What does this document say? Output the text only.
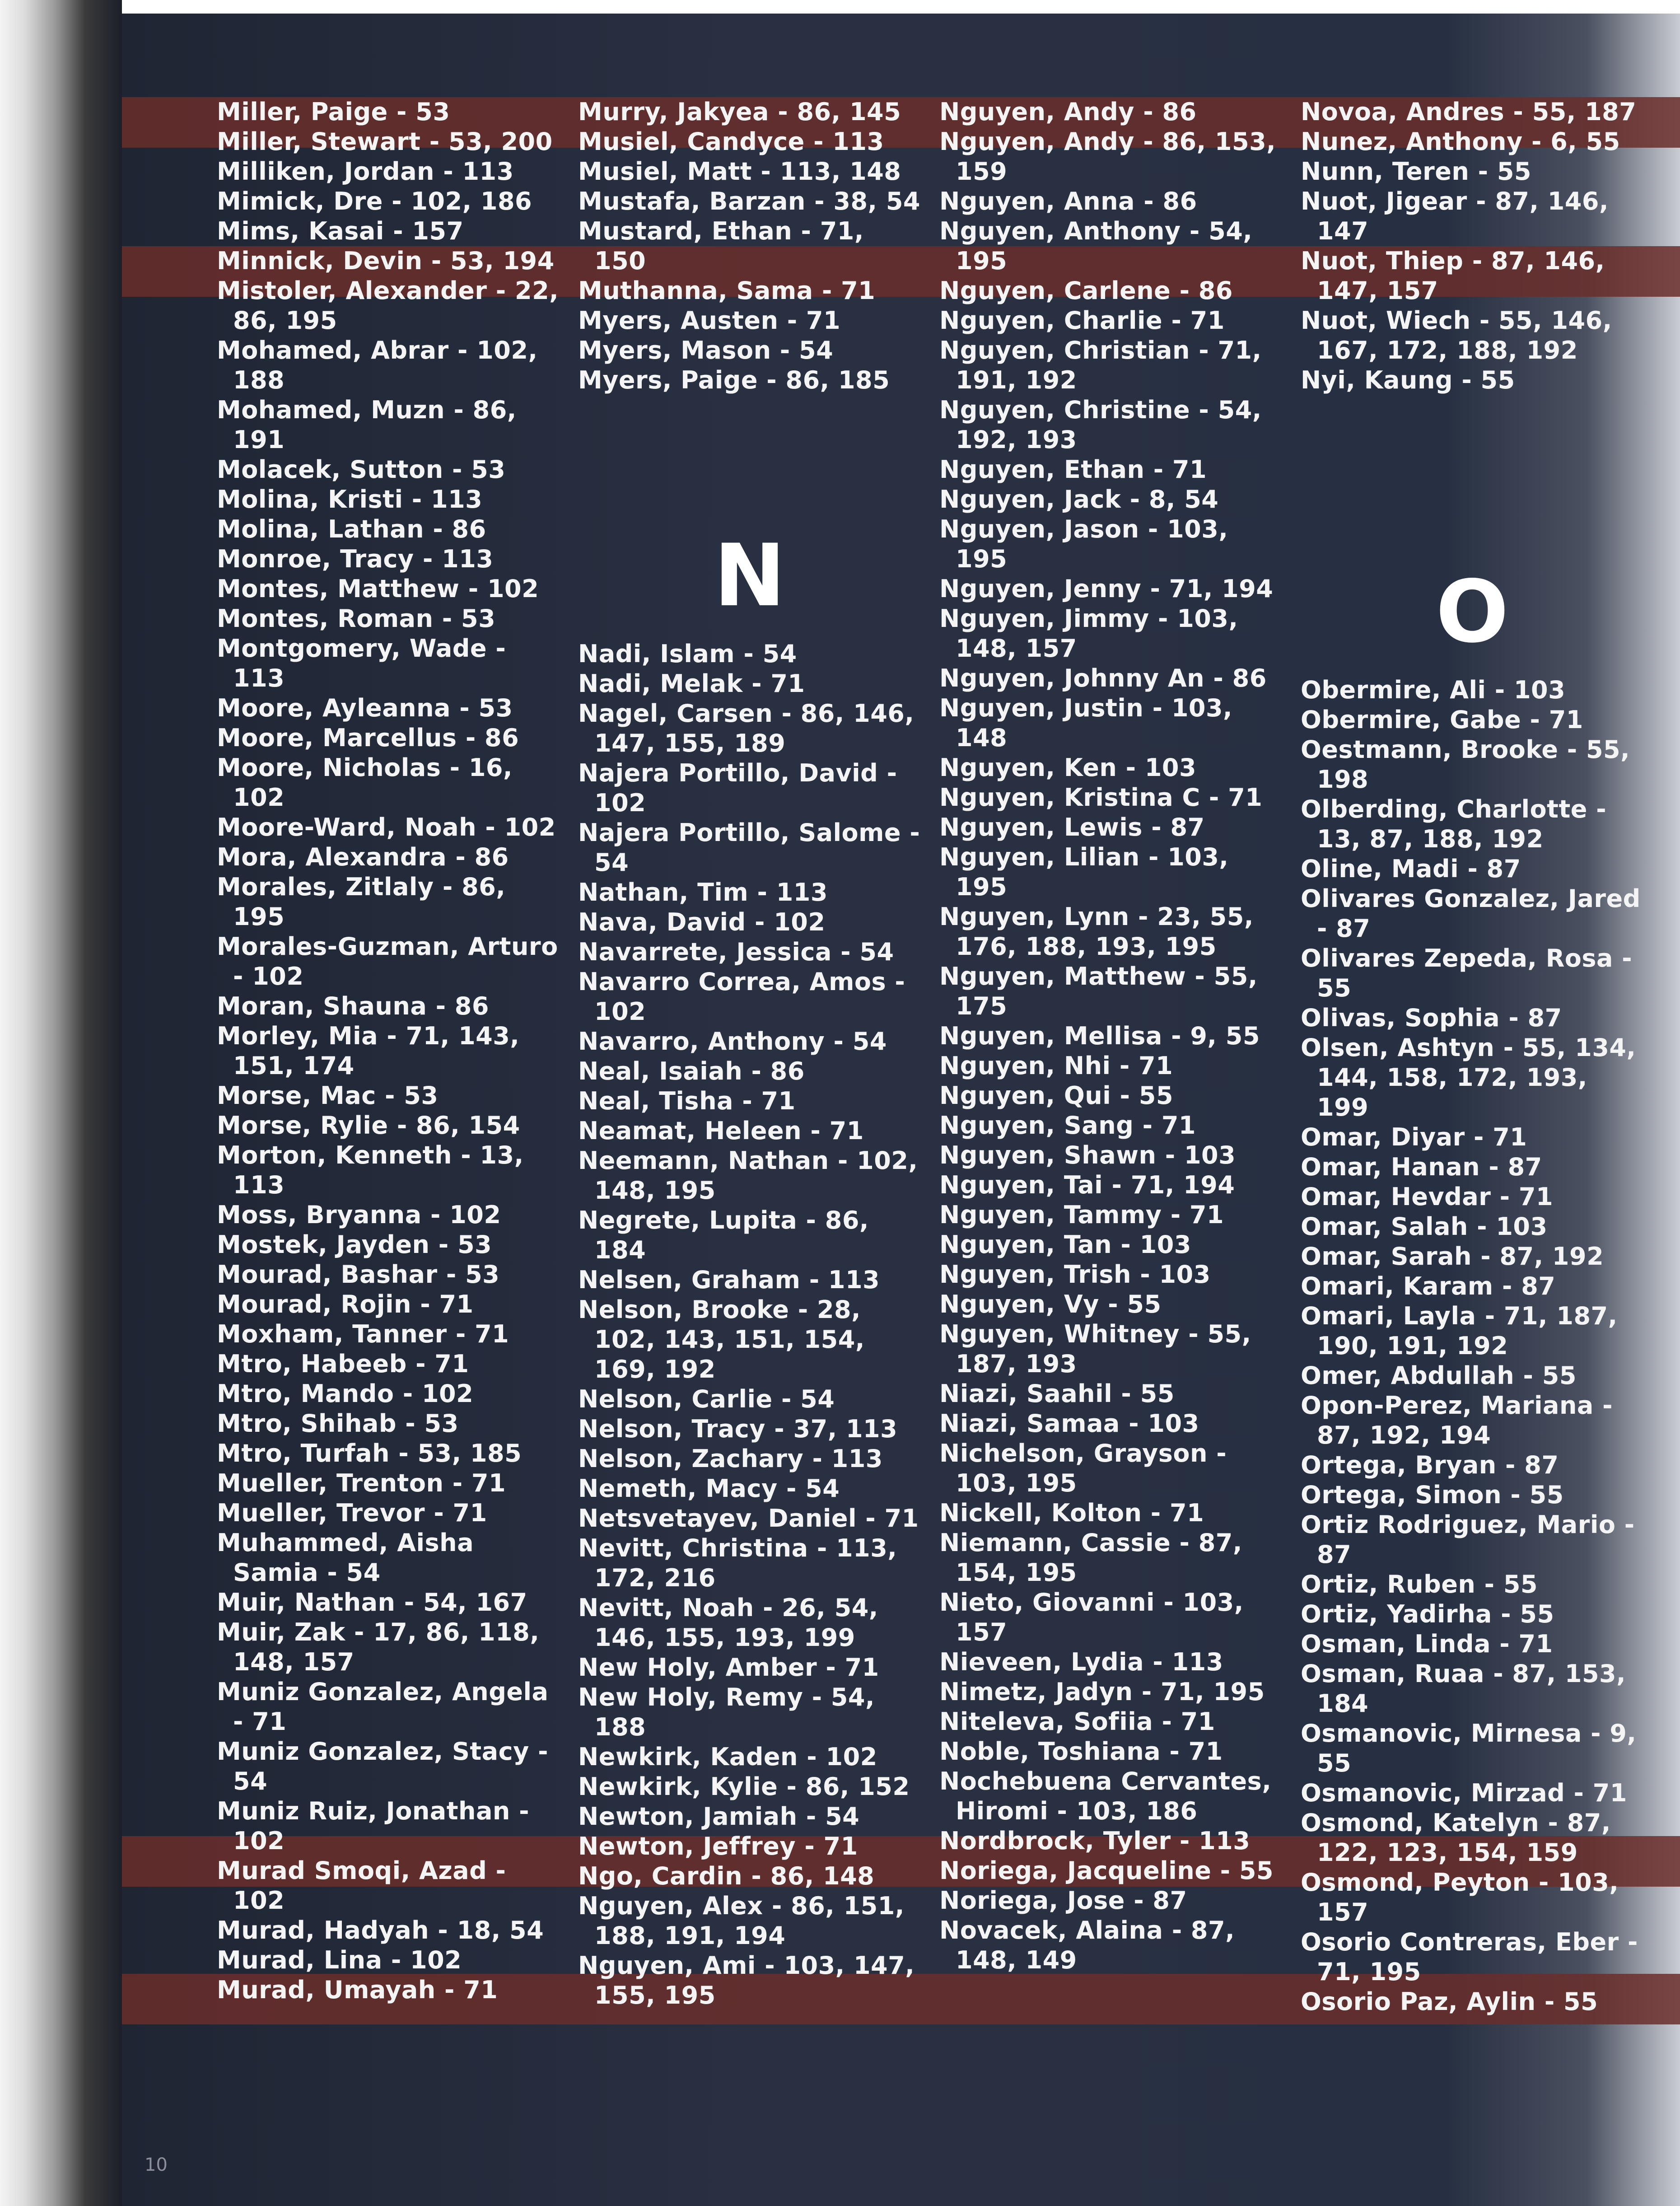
Miller, Paige - 53
Miller, Stewart - 53, 200
Milliken, Jordan - 113
Mimick, Dre - 102, 186
Mims, Kasai - 157
Minnick, Devin - 53, 194
Mistoler, Alexander - 22, 86, 195
Mohamed, Abrar - 102, 188
Mohamed, Muzn - 86, 191
Molacek, Sutton - 53
Molina, Kristi - 113
Molina, Lathan - 86
Monroe, Tracy - 113
Montes, Matthew - 102
Montes, Roman - 53
Montgomery, Wade - 113
Moore, Ayleanna - 53
Moore, Marcellus - 86
Moore, Nicholas - 16, 102
Moore-Ward, Noah - 102
Mora, Alexandra - 86
Morales, Zitlaly - 86, 195
Morales-Guzman, Arturo - 102
Moran, Shauna - 86
Morley, Mia - 71, 143, 151, 174
Morse, Mac - 53
Morse, Rylie - 86, 154
Morton, Kenneth - 13, 113
Moss, Bryanna - 102
Mostek, Jayden - 53
Mourad, Bashar - 53
Mourad, Rojin - 71
Moxham, Tanner - 71
Mtro, Habeeb - 71
Mtro, Mando - 102
Mtro, Shihab - 53
Mtro, Turfah - 53, 185
Mueller, Trenton - 71
Mueller, Trevor - 71
Muhammed, Aisha Samia - 54
Muir, Nathan - 54, 167
Muir, Zak - 17, 86, 118, 148, 157
Muniz Gonzalez, Angela - 71
Muniz Gonzalez, Stacy - 54
Muniz Ruiz, Jonathan - 102
Murad Smoqi, Azad - 102
Murad, Hadyah - 18, 54
Murad, Lina - 102
Murad, Umayah - 71
Murry, Jakyea - 86, 145
Musiel, Candyce - 113
Musiel, Matt - 113, 148
Mustafa, Barzan - 38, 54
Mustard, Ethan - 71, 150
Muthanna, Sama - 71
Myers, Austen - 71
Myers, Mason - 54
Myers, Paige - 86, 185
N
Nadi, Islam - 54
Nadi, Melak - 71
Nagel, Carsen - 86, 146, 147, 155, 189
Najera Portillo, David - 102
Najera Portillo, Salome - 54
Nathan, Tim - 113
Nava, David - 102
Navarrete, Jessica - 54
Navarro Correa, Amos - 102
Navarro, Anthony - 54
Neal, Isaiah - 86
Neal, Tisha - 71
Neamat, Heleen - 71
Neemann, Nathan - 102, 148, 195
Negrete, Lupita - 86, 184
Nelsen, Graham - 113
Nelson, Brooke - 28, 102, 143, 151, 154, 169, 192
Nelson, Carlie - 54
Nelson, Tracy - 37, 113
Nelson, Zachary - 113
Nemeth, Macy - 54
Netsvetayev, Daniel - 71
Nevitt, Christina - 113, 172, 216
Nevitt, Noah - 26, 54, 146, 155, 193, 199
New Holy, Amber - 71
New Holy, Remy - 54, 188
Newkirk, Kaden - 102
Newkirk, Kylie - 86, 152
Newton, Jamiah - 54
Newton, Jeffrey - 71
Ngo, Cardin - 86, 148
Nguyen, Alex - 86, 151, 188, 191, 194
Nguyen, Ami - 103, 147, 155, 195
Nguyen, Andy - 86
Nguyen, Andy - 86, 153, 159
Nguyen, Anna - 86
Nguyen, Anthony - 54, 195
Nguyen, Carlene - 86
Nguyen, Charlie - 71
Nguyen, Christian - 71, 191, 192
Nguyen, Christine - 54, 192, 193
Nguyen, Ethan - 71
Nguyen, Jack - 8, 54
Nguyen, Jason - 103, 195
Nguyen, Jenny - 71, 194
Nguyen, Jimmy - 103, 148, 157
Nguyen, Johnny An - 86
Nguyen, Justin - 103, 148
Nguyen, Ken - 103
Nguyen, Kristina C - 71
Nguyen, Lewis - 87
Nguyen, Lilian - 103, 195
Nguyen, Lynn - 23, 55, 176, 188, 193, 195
Nguyen, Matthew - 55, 175
Nguyen, Mellisa - 9, 55
Nguyen, Nhi - 71
Nguyen, Qui - 55
Nguyen, Sang - 71
Nguyen, Shawn - 103
Nguyen, Tai - 71, 194
Nguyen, Tammy - 71
Nguyen, Tan - 103
Nguyen, Trish - 103
Nguyen, Vy - 55
Nguyen, Whitney - 55, 187, 193
Niazi, Saahil - 55
Niazi, Samaa - 103
Nichelson, Grayson - 103, 195
Nickell, Kolton - 71
Niemann, Cassie - 87, 154, 195
Nieto, Giovanni - 103, 157
Nieveen, Lydia - 113
Nimetz, Jadyn - 71, 195
Niteleva, Sofiia - 71
Noble, Toshiana - 71
Nochebuena Cervantes, Hiromi - 103, 186
Nordbrock, Tyler - 113
Noriega, Jacqueline - 55
Noriega, Jose - 87
Novacek, Alaina - 87, 148, 149
Novoa, Andres - 55, 187
Nunez, Anthony - 6, 55
Nunn, Teren - 55
Nuot, Jigear - 87, 146, 147
Nuot, Thiep - 87, 146, 147, 157
Nuot, Wiech - 55, 146, 167, 172, 188, 192
Nyi, Kaung - 55
O
Obermire, Ali - 103
Obermire, Gabe - 71
Oestmann, Brooke - 55, 198
Olberding, Charlotte - 13, 87, 188, 192
Oline, Madi - 87
Olivares Gonzalez, Jared - 87
Olivares Zepeda, Rosa - 55
Olivas, Sophia - 87
Olsen, Ashtyn - 55, 134, 144, 158, 172, 193, 199
Omar, Diyar - 71
Omar, Hanan - 87
Omar, Hevdar - 71
Omar, Salah - 103
Omar, Sarah - 87, 192
Omari, Karam - 87
Omari, Layla - 71, 187, 190, 191, 192
Omer, Abdullah - 55
Opon-Perez, Mariana - 87, 192, 194
Ortega, Bryan - 87
Ortega, Simon - 55
Ortiz Rodriguez, Mario - 87
Ortiz, Ruben - 55
Ortiz, Yadirha - 55
Osman, Linda - 71
Osman, Ruaa - 87, 153, 184
Osmanovic, Mirnesa - 9, 55
Osmanovic, Mirzad - 71
Osmond, Katelyn - 87, 122, 123, 154, 159
Osmond, Peyton - 103, 157
Osorio Contreras, Eber - 71, 195
Osorio Paz, Aylin - 55
10
